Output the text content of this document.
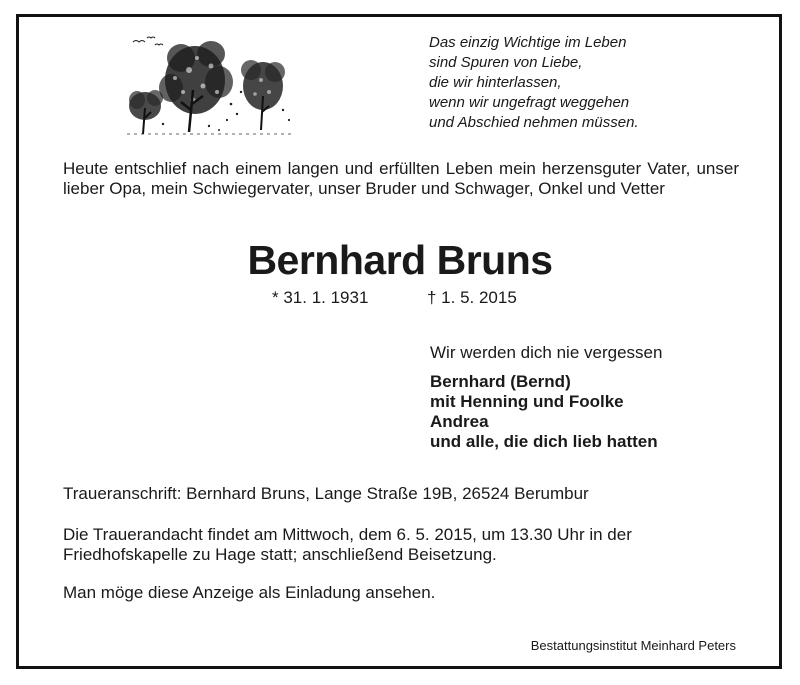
Das einzig Wichtige im Leben
sind Spuren von Liebe,
die wir hinterlassen,
wenn wir ungefragt weggehen
und Abschied nehmen müssen.
Heute entschlief nach einem langen und erfüllten Leben mein herzensguter Vater, unser lieber Opa, mein Schwiegervater, unser Bruder und Schwager, Onkel und Vetter
Bernhard Bruns
* 31. 1. 1931	† 1. 5. 2015
Wir werden dich nie vergessen
Bernhard (Bernd)
mit Henning und Foolke
Andrea
und alle, die dich lieb hatten
Traueranschrift: Bernhard Bruns, Lange Straße 19B, 26524 Berumbur
Die Trauerandacht findet am Mittwoch, dem 6. 5. 2015, um 13.30 Uhr in der
Friedhofskapelle zu Hage statt; anschließend Beisetzung.
Man möge diese Anzeige als Einladung ansehen.
Bestattungsinstitut Meinhard Peters
